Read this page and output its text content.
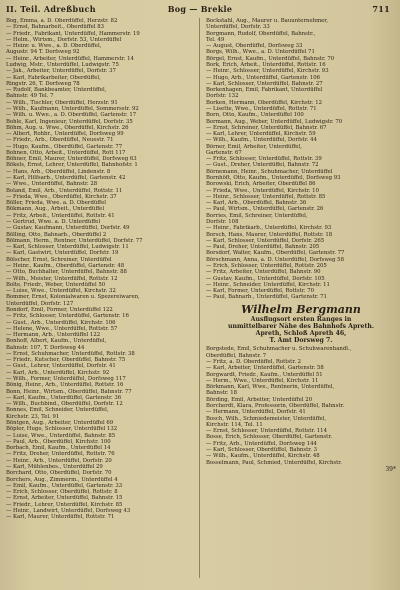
II. Teil. Adreßbuch	Bog — Brekle	711
Bog, Emma, a. D. Oberdüffel, Herzstr. 82
— Ernst, Bahnarbeit., Oberdüffel 83
— Friedr., Fabrikant, Unterdüffel, Hammerstr. 19
— Helm., Wirtsm., Dorfstr. 53, Unterdüffel
— Heinr. u. Wwe., a. D. Oberdüffel,
Augustr. 94 T. Dorfsweg 92
— Heinr., Arbeiter, Unterdüffel, Hammerstr. 14
Ludwig, Mstr., Unterdüffel, Ludwigstr. 75
— Jak., Arbeiter, Unterdüffel, Dorfstr. 37
— Karl, Fabrikarbeiter, Oberdüffel,
Ringstr. 26, T. Dorfsweg 78
— Rudolf, Bankbeamter, Unterdüffel,
Bahnstr. 49 Tel. 7
— Wilh., Tischler, Oberdüffel, Herzstr. 91
— Wilh., Kaufmann, Unterdüffel, Sommersstr. 92
— Wilh. u. Wwe., a. D. Oberdüffel, Gartenstr. 17
Bohle, Karl, Ingenieur, Unterdüffel, Dorfstr. 35
Böhm, Aug. u. Wwe., Oberdüffel, Kirchstr. 26
— Albert, Rohbr., Unterdüffel, Dorfsweg 99
— Friedr., Arb., Oberdüffel, Neuestr. 71
— Hugo, Kaufm., Oberdüffel, Gartenstr. 77
Bohnen, Otto, Arbeit., Unterdüffel, Rott 117
Böhner, Emil, Maurer, Unterdüffel, Dorfsweg 63
Bökels, Ernst, Lehrer, Unterdüffel, Bahnhofstr. 1
— Hans, Arb., Oberdüffel, Lindenstr. 8
— Karl, Hilfsarb., Unterdüffel, Gartenstr. 42
— Wwe., Unterdüffel, Bahnstr. 28
Boland, Emil, Arb., Unterdüffel, Rottstr. 11
— Frieda, Wwe., Oberdüffel, Kirchstr. 37
Böller, Frieda, Wwe. a. D. Oberdüffel
Bökmann, Aug., Arbeit., Unterdüffel
— Fritz, Arbeit., Unterdüffel, Rottstr. 41
— Gertrud, Wwe. a. D. Unterdüffel
— Gustav, Kaufmann, Unterdüffel, Dorfstr. 49
Bölling, Otto, Bahnarb., Oberdüffel 2
Bölmann, Herm., Rentner, Unterdüffel, Dorfstr. 77
— Karl, Schlosser, Unterdüffel, Ludwigstr. 11
— Karl, Gastwirt, Unterdüffel, Dorfstr. 19
Bölscher, Ernst, Schreiner, Unterdüffel
— Heinr., Kaufm., Oberdüffel, Gartenstr. 48
— Otto, Buchhalter, Unterdüffel, Bahnstr. 88
— Wilh., Meister, Unterdüffel, Rottstr. 12
Bolte, Friedr., Weber, Unterdüffel 50
— Luise, Wwe., Unterdüffel, Kirchstr. 32
Bommer, Ernst, Kolonialwaren u. Spezereiwaren,
Unterdüffel, Dorfstr. 127
Bondorf, Emil, Former, Unterdüffel 122
— Fritz, Schlosser, Unterdüffel, Gartenstr. 16
— Gust., Arb., Unterdüffel, Kirchstr. 106
— Helene, Wwe., Unterdüffel, Rottstr. 57
— Hermann, Arb., Unterdüffel 122
Bonhoff, Albert, Kaufm., Unterdüffel,
Bahnstr. 107, T. Dorfsweg 44
— Ernst, Schuhmacher, Unterdüffel, Rottstr. 38
— Friedr., Kutscher, Oberdüffel, Bahnstr. 75
— Gust., Lehrer, Unterdüffel, Dorfstr. 41
— Karl, Arb., Unterdüffel, Kirchstr. 92
— Wilh., Former, Unterdüffel, Dorfsweg 117
Bönig, Heinr., Arb., Unterdüffel, Rottstr. 16
Bonn, Heinr., Wirtsm., Oberdüffel, Bahnstr. 77
— Karl, Kaufm., Unterdüffel, Gartenstr. 36
— Wilh., Buchbind., Oberdüffel, Dorfstr. 12
Bonnes, Emil, Schneider, Unterdüffel,
Kirchstr. 23, Tel. 91
Böntgen, Aug., Arbeiter, Unterdüffel 69
Böpler, Hugo, Schlosser, Unterdüffel 132
— Luise, Wwe., Unterdüffel, Bahnstr. 85
— Paul, Arb., Oberdüffel, Kirchstr. 100
Borbach, Emil, Kaufm., Unterdüffel 14
— Fritz, Dreher, Unterdüffel, Rottstr. 76
— Heinr., Arb., Unterdüffel, Dorfstr. 20
— Karl, Mühlenbes., Unterdüffel 29
Borchard, Otto, Oberdüffel, Dorfstr. 70
Borchers, Aug., Zimmerm., Unterdüffel 4
— Emil, Kaufm., Unterdüffel, Gartenstr. 33
— Erich, Schlosser, Oberdüffel, Rottstr. 8
— Ernst, Arbeiter, Unterdüffel, Bahnstr. 15
— Friedr., Lehrer, Unterdüffel, Kirchstr. 85
— Heinr., Landwirt, Unterdüffel, Dorfsweg 43
— Karl, Maurer, Unterdüffel, Rottstr. 71
Bockstahl, Aug., Maurer u. Bauunternehmer,
Unterdüffel, Dorfstr. 33
Borgmann, Rudolf, Oberdüffel, Bahnstr.,
Tel. 49
— August, Oberdüffel, Dorfsweg 33
Borgs, Wilh., Wwe., a. D. Unterdüffel 71
Börgel, Ernst, Kaufm., Unterdüffel, Bahnstr. 70
Bork, Erich, Arbeit., Unterdüffel, Rottstr. 16
— Heinr., Schlosser, Unterdüffel, Kirchstr. 93
— Hugo, Arb., Unterdüffel, Gartenstr. 106
— Karl, Schlosser, Unterdüffel, Bahnstr. 27
Borkenhagen, Emil, Fabrikant, Unterdüffel
Dorfstr. 132
Borken, Hermann, Oberdüffel, Kirchstr. 12
— Lisette, Wwe., Unterdüffel, Rottstr. 71
Born, Otto, Kaufm., Unterdüffel 100
Bormann, Aug., Weber, Unterdüffel, Ludwigstr. 70
— Ernst, Schreiner, Unterdüffel, Bahnstr. 67
— Karl, Lehrer, Unterdüffel, Kirchstr. 59
— Wilh., Kaufm., Unterdüffel, Dorfstr. 44
Börner, Emil, Arbeiter, Unterdüffel,
Gartenstr. 67
— Fritz, Schlosser, Unterdüffel, Rottstr. 39
— Gust., Dreher, Unterdüffel, Bahnstr. 72
Börnemann, Heinr., Schuhmacher, Unterdüffel
Bornhöft, Otto, Kaufm., Unterdüffel, Dorfsweg 93
Borowski, Erich, Arbeiter, Oberdüffel 86
— Frieda, Wwe., Unterdüffel, Kirchstr. 10
— Heinr., Schlosser, Unterdüffel, Rottstr. 85
— Karl, Arb., Oberdüffel, Bahnstr. 36
— Paul, Wirtsm., Unterdüffel, Gartenstr. 26
Borries, Emil, Schreiner, Unterdüffel,
Dorfstr. 108
— Heinr., Fabrikarb., Unterdüffel, Kirchstr. 93
Borsch, Hans, Maurer, Unterdüffel, Rottstr. 18
— Karl, Schlosser, Unterdüffel, Dorfstr. 265
— Paul, Dreher, Unterdüffel, Bahnstr. 205
Borsdorf, Walter, Kaufm., Oberdüffel, Gartenstr. 77
Börschmann, Anna, a. D. Unterdüffel, Dorfsweg 58
— Erich, Schlosser, Unterdüffel, Rottstr. 205
— Fritz, Arbeiter, Unterdüffel, Bahnstr. 90
— Gustav, Kaufm., Unterdüffel, Dorfstr. 105
— Heinr., Schneider, Unterdüffel, Kirchstr. 11
— Karl, Former, Unterdüffel, Rottstr. 70
— Paul, Bahnarb., Unterdüffel, Gartenstr. 71
Wilhelm Bergmann
Ausflugsort ersten Ranges in
unmittelbarer Nähe des Bahnhofs Apreth.
Apreth, Schloß Apreth 46,
T. Amt Dorsweg 7.
Borgstede, Emil, Schuhmacher u. Schuhwarenhandl.,
Oberdüffel, Bahnstr. 7
— Fritz, a. D. Oberdüffel, Rottstr. 2
— Karl, Arbeiter, Unterdüffel, Gartenstr. 58
Borgwardt, Friedr., Kaufm., Unterdüffel 51
— Herm., Wwe., Unterdüffel, Kirchstr. 11
Börkmann, Karl, Wwe., Rentnerin, Unterdüffel,
Bahnstr. 18
Börding, Emil, Arbeiter, Unterdüffel 20
Borcherdt, Klara, Professorin, Oberdüffel, Bahnstr.
— Hermann, Unterdüffel, Dorfstr. 41
Bosch, Wilh., Schmiedemeister, Unterdüffel,
Kirchstr. 114, Tel. 11
— Ernst, Schlosser, Unterdüffel, Rottstr. 114
Bosse, Erich, Schlosser, Oberdüffel, Gartenstr.
— Fritz, Arb., Unterdüffel, Dorfsweg 144
— Karl, Schlosser, Oberdüffel, Bahnstr. 3
— Wilh., Kaufm., Unterdüffel, Kirchstr. 48
Bosselmann, Paul, Schmied, Unterdüffel, Kirchstr.
39*
